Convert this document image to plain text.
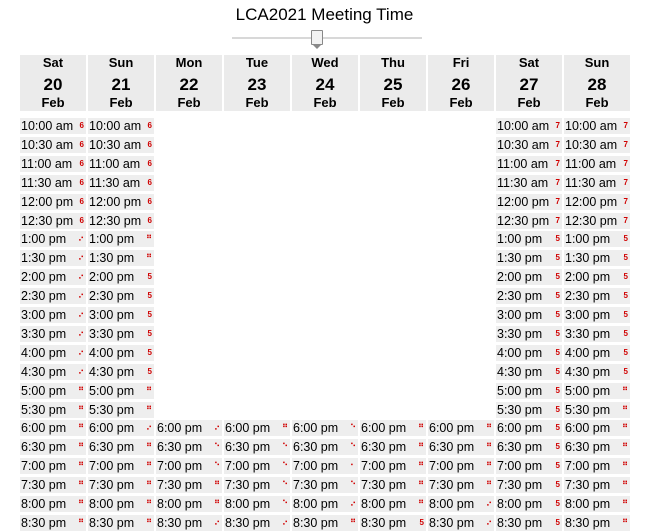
LCA2021 Meeting Time
Sat
20
Feb
10:00 am 6
10:30 am 6
11:00 am 6
11:30 am 6
12:00 pm 6
12:30 pm 6
1:00 pm ⠔
1:30 pm ⠔
2:00 pm ⠔
2:30 pm ⠔
3:00 pm ⠔
3:30 pm ⠔
4:00 pm ⠔
4:30 pm ⠔
5:00 pm ⠛
5:30 pm ⠛
6:00 pm ⠛
6:30 pm ⠛
7:00 pm ⠛
7:30 pm ⠛
8:00 pm ⠛
8:30 pm ⠛
Sun
21
Feb
10:00 am 6
10:30 am 6
11:00 am 6
11:30 am 6
12:00 pm 6
12:30 pm 6
1:00 pm ⠛
1:30 pm ⠛
2:00 pm 5
2:30 pm 5
3:00 pm 5
3:30 pm 5
4:00 pm 5
4:30 pm 5
5:00 pm ⠛
5:30 pm ⠛
6:00 pm ⠔
6:30 pm ⠛
7:00 pm ⠛
7:30 pm ⠛
8:00 pm ⠛
8:30 pm ⠛
Mon
22
Feb
6:00 pm ⠔
6:30 pm ⠑
7:00 pm ⠑
7:30 pm ⠛
8:00 pm ⠛
8:30 pm ⠔
Tue
23
Feb
6:00 pm ⠛
6:30 pm ⠑
7:00 pm ⠑
7:30 pm ⠑
8:00 pm ⠑
8:30 pm ⠔
Wed
24
Feb
6:00 pm ⠑
6:30 pm ⠑
7:00 pm ⠂
7:30 pm ⠑
8:00 pm ⠔
8:30 pm ⠛
Thu
25
Feb
6:00 pm ⠛
6:30 pm ⠛
7:00 pm ⠛
7:30 pm ⠛
8:00 pm ⠛
8:30 pm 5
Fri
26
Feb
6:00 pm ⠛
6:30 pm ⠛
7:00 pm ⠛
7:30 pm ⠛
8:00 pm ⠔
8:30 pm ⠔
Sat
27
Feb
10:00 am 7
10:30 am 7
11:00 am 7
11:30 am 7
12:00 pm 7
12:30 pm 7
1:00 pm 5
1:30 pm 5
2:00 pm 5
2:30 pm 5
3:00 pm 5
3:30 pm 5
4:00 pm 5
4:30 pm 5
5:00 pm 5
5:30 pm 5
6:00 pm 5
6:30 pm 5
7:00 pm 5
7:30 pm 5
8:00 pm 5
8:30 pm 5
Sun
28
Feb
10:00 am 7
10:30 am 7
11:00 am 7
11:30 am 7
12:00 pm 7
12:30 pm 7
1:00 pm 5
1:30 pm 5
2:00 pm 5
2:30 pm 5
3:00 pm 5
3:30 pm 5
4:00 pm 5
4:30 pm 5
5:00 pm ⠛
5:30 pm ⠛
6:00 pm ⠛
6:30 pm ⠛
7:00 pm ⠛
7:30 pm ⠛
8:00 pm ⠛
8:30 pm ⠛
